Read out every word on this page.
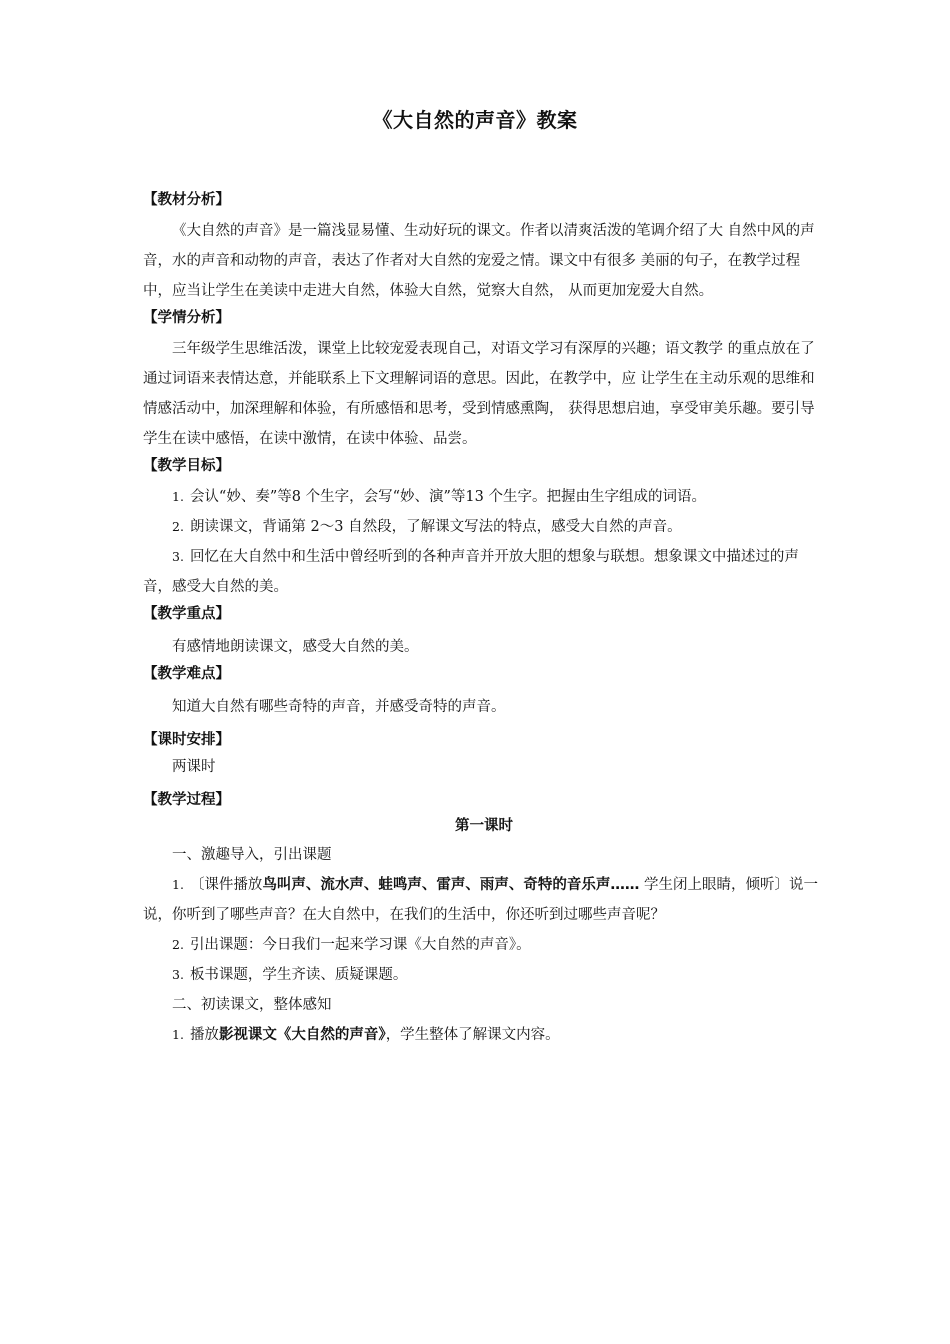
《大自然的声音》教案

【教材分析】

《大自然的声音》是一篇浅显易懂、生动好玩的课文。作者以清爽活泼的笔调介绍了大 自然中风的声音，水的声音和动物的声音，表达了作者对大自然的宠爱之情。课文中有很多 美丽的句子，在教学过程中，应当让学生在美读中走进大自然，体验大自然，觉察大自然， 从而更加宠爱大自然。

【学情分析】

三年级学生思维活泼，课堂上比较宠爱表现自己，对语文学习有深厚的兴趣；语文教学 的重点放在了通过词语来表情达意，并能联系上下文理解词语的意思。因此，在教学中，应 让学生在主动乐观的思维和情感活动中，加深理解和体验，有所感悟和思考，受到情感熏陶， 获得思想启迪，享受审美乐趣。要引导学生在读中感悟，在读中激情，在读中体验、品尝。

【教学目标】

1. 会认“妙、奏”等8 个生字，会写“妙、演”等13 个生字。把握由生字组成的词语。

2. 朗读课文，背诵第 2～3 自然段，了解课文写法的特点，感受大自然的声音。

3. 回忆在大自然中和生活中曾经听到的各种声音并开放大胆的想象与联想。想象课文中描述过的声音，感受大自然的美。

【教学重点】

有感情地朗读课文，感受大自然的美。

【教学难点】

知道大自然有哪些奇特的声音，并感受奇特的声音。

【课时安排】

两课时

【教学过程】

第一课时

一、激趣导入，引出课题

1. 〔课件播放鸟叫声、流水声、蛙鸣声、雷声、雨声、奇特的音乐声…… 学生闭上眼睛，倾听〕说一说，你听到了哪些声音？在大自然中，在我们的生活中，你还听到过哪些声音呢？

2. 引出课题：今日我们一起来学习课《大自然的声音》。

3. 板书课题，学生齐读、质疑课题。

二、初读课文，整体感知

1. 播放影视课文《大自然的声音》，学生整体了解课文内容。
